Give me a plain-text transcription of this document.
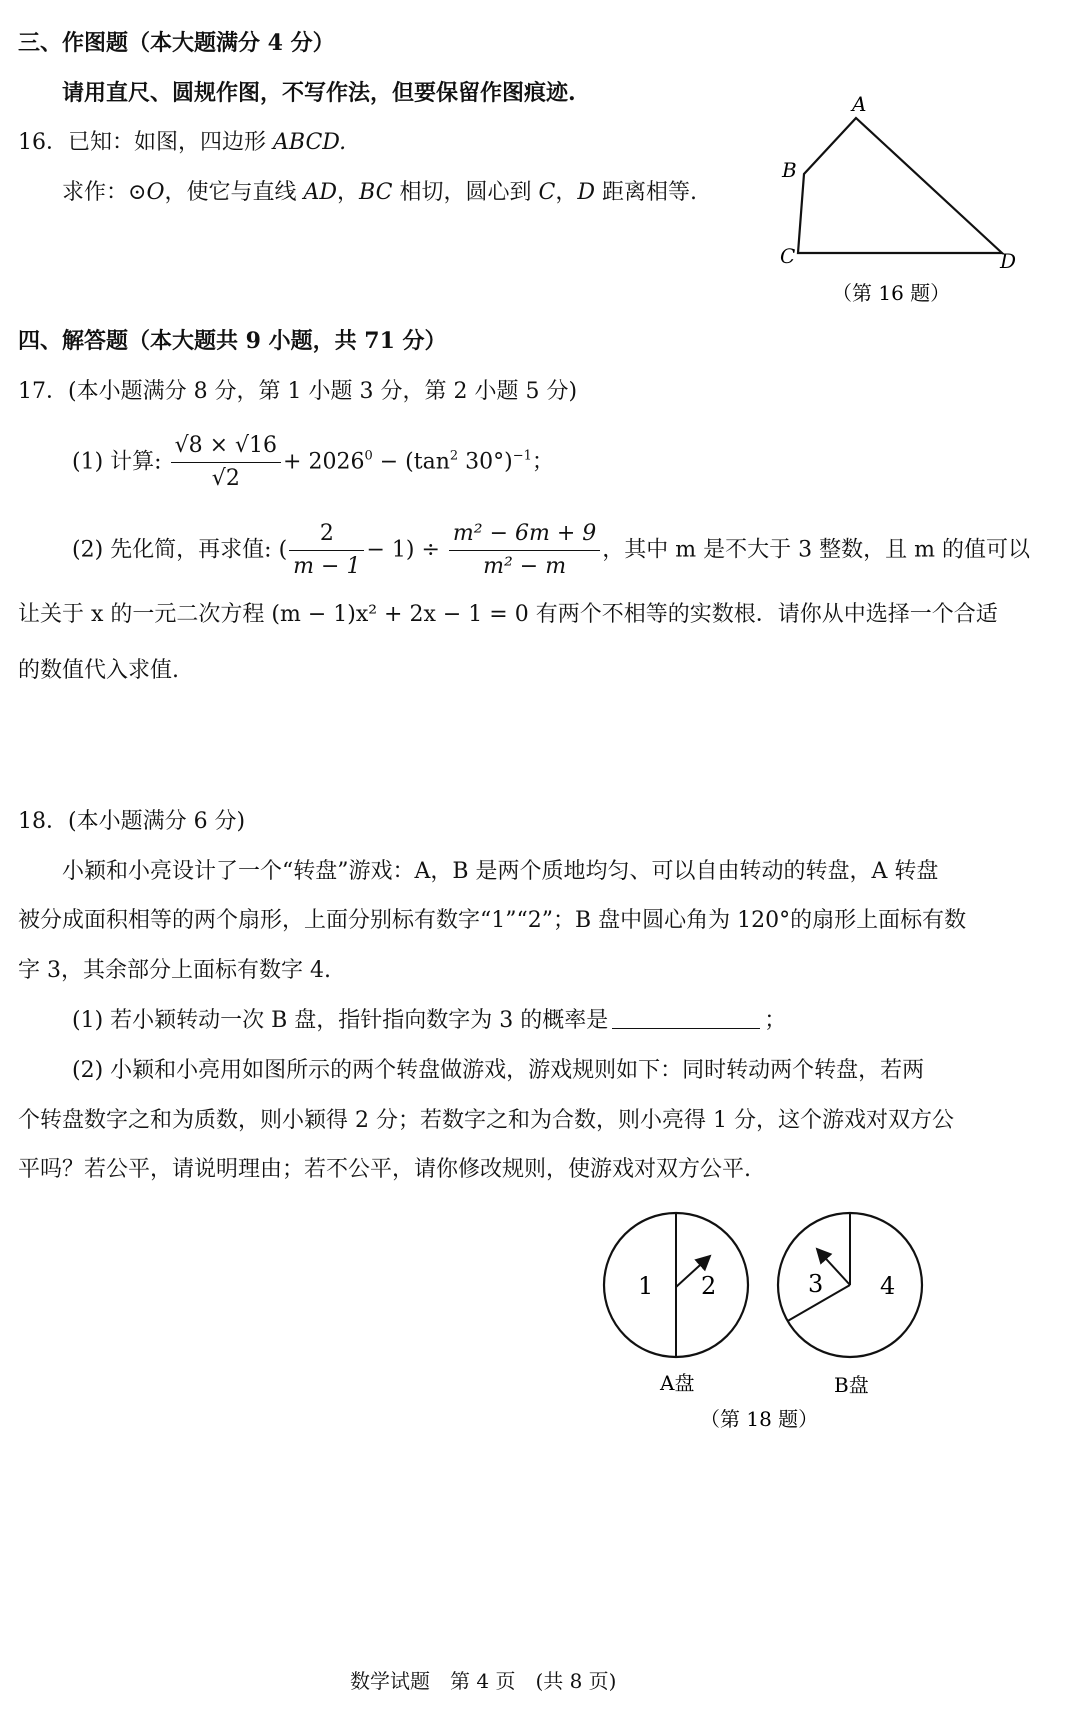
三、作图题（本大题满分 4 分）
请用直尺、圆规作图，不写作法，但要保留作图痕迹.
16．已知：如图，四边形 ABCD.
求作：⊙O，使它与直线 AD，BC 相切，圆心到 C，D 距离相等.
A
B
C	D
（第 16 题）
四、解答题（本大题共 9 小题，共 71 分）
17．(本小题满分 8 分，第 1 小题 3 分，第 2 小题 5 分)
(1) 计算: $\frac{√8 \times √16}{√2} + 2026^0 - (\tan^2$ 30°)$^{-1}$；
(2) 先化简，再求值: ( $\frac{2}{m - 1} - 1) \div \frac{\text{m² − 6m + 9}}{\text{m² − m}}$ ，其中 m 是不大于 3 整数，且 m 的值可以
让关于 x 的一元二次方程 (m − 1)x² + 2x − 1 = 0 有两个不相等的实数根．请你从中选择一个合适
的数值代入求值.
18．(本小题满分 6 分)
小颖和小亮设计了一个“转盘”游戏：A，B 是两个质地均匀、可以自由转动的转盘，A 转盘
被分成面积相等的两个扇形，上面分别标有数字“1”“2”；B 盘中圆心角为 120°的扇形上面标有数
字 3，其余部分上面标有数字 4.
(1) 若小颖转动一次 B 盘，指针指向数字为 3 的概率是	；
(2) 小颖和小亮用如图所示的两个转盘做游戏，游戏规则如下：同时转动两个转盘，若两
个转盘数字之和为质数，则小颖得 2 分；若数字之和为合数，则小亮得 1 分，这个游戏对双方公
平吗？若公平，请说明理由；若不公平，请你修改规则，使游戏对双方公平.
1 2
A盘
3 4
B盘
（第 18 题）
数学试题　第 4 页　(共 8 页)
